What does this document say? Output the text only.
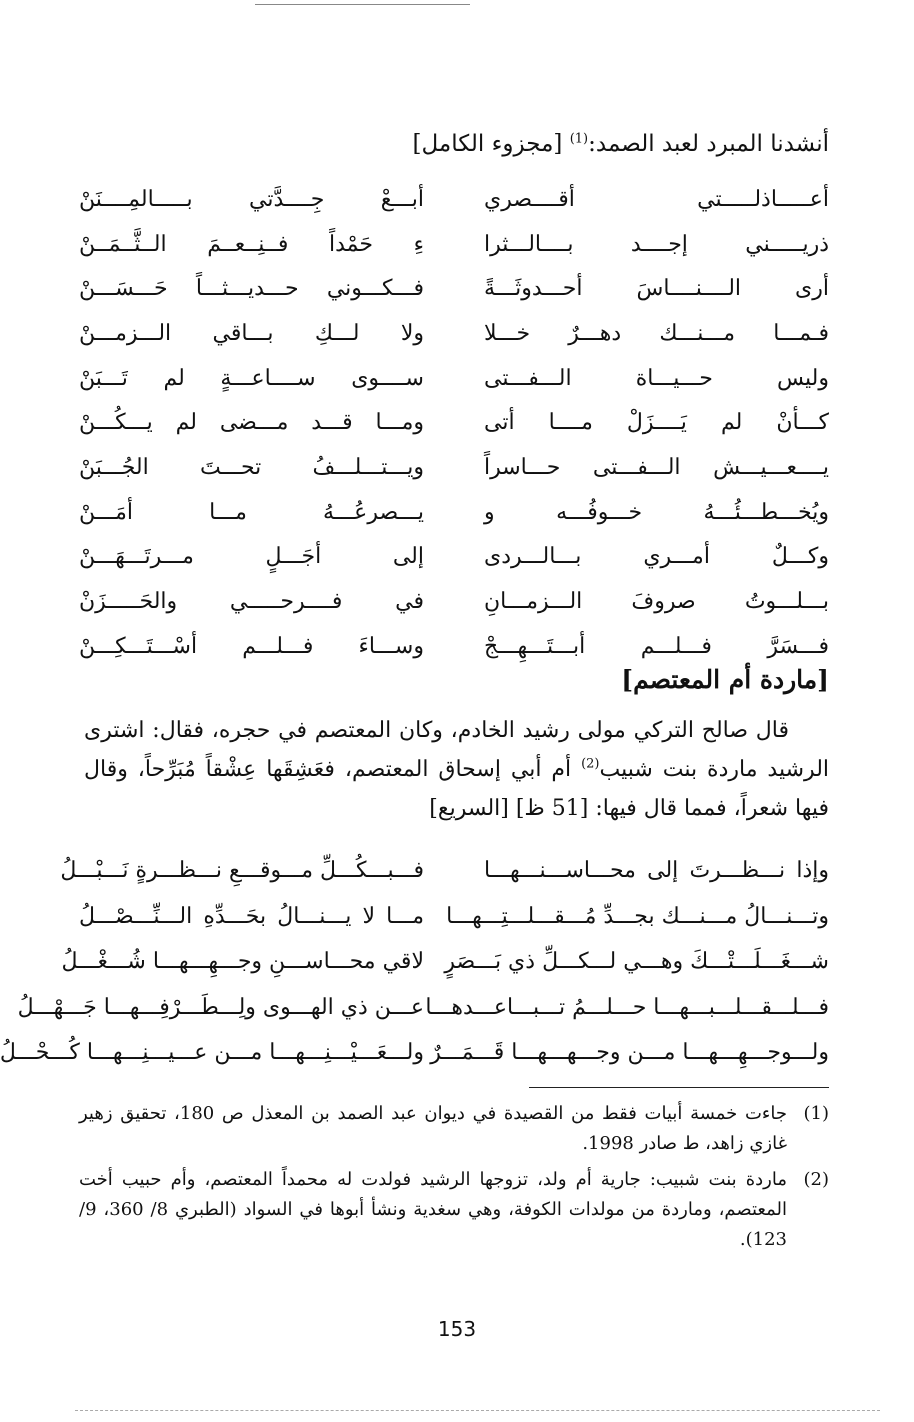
أنشدنا المبرد لعبد الصمد:$^{(1)}$ [مجزوء الكامل]
أعـــــاذلـــــتي أقــــصري
أبـــعْ جِــــدَّتي بـــــالمِــــنَنْ
ذريـــــني إجــــد بــــالـــثرا
ءِ حَمْداً فــنِــعــمَ الــثَّــمَــنْ
أرى الــــنــــاسَ أحـــدوثَـــةً
فـــكـــوني حـــديـــثـــاً حَـــسَـــنْ
فـمـــا مـــنـــك دهـــرٌ خـــلا
ولا لـــكِ بـــاقي الـــزمـــنْ
وليس حـــيـــاة الـــفـــتى
ســــوى ســــاعـــةٍ لم تَـــبَنْ
كـــأنْ لم يَــــزَلْ مــــا أتى
ومـــا قـــد مـــضى لم يـــكُـــنْ
يــــعـــيـــش الـــفـــتى حـــاسراً
ويـــتـــلـــفُ تحـــتَ الجُـــبَنْ
ويُخـــطـــئُـــهُ خـــوفُـــه و
يـــصرعُـــهُ مـــا أمَـــنْ
وكـــلٌ أمـــري بـــالـــردى
إلى أجَـــلٍ مـــرتَـــهَـــنْ
بـــلـــوتُ صروفَ الـــزمـــانِ
في فــــرحـــــي والحَـــــزَنْ
فـــسَرَّ فـــلـــم أبـــتَـــهِـــجْ
وســـاءَ فـــلـــم أسْـــتَـــكِـــنْ
[ماردة أم المعتصم]

قال صالح التركي مولى رشيد الخادم، وكان المعتصم في حجره، فقال: اشترى الرشيد ماردة بنت شبيب$^{(2)}$ أم أبي إسحاق المعتصم، فعَشِقَها عِشْقاً مُبَرِّحاً، وقال فيها شعراً، فمما قال فيها: [51 ظ] [السريع]

وإذا نـــظـــرتَ إلى محـــاســـنـــهـــا
فـــبـــكُـــلِّ مـــوقـــعِ نـــظـــرةٍ نَـــبْـــلُ
وتـــنـــالُ مـــنـــك بجـــدِّ مُـــقـــلـــتِـــهـــا
مـــا لا يـــنـــالُ بحَـــدِّهِ الـــنِّـــصْـــلُ
شـــغَـــلَـــتْـــكَ وهـــي لـــكـــلِّ ذي بَـــصَرٍ
لاقي محـــاســـنِ وجـــهِـــهـــا شُـــغْـــلُ
فـــلـــقـــلـــبـــهـــا حـــلـــمُ تـــبـــاعـــدهـــا
عـــن ذي الهـــوى ولِـــطَـــرْفِـــهـــا جَـــهْـــلُ
ولـــوجـــهِـــهـــا مـــن وجـــهـــهـــا قَـــمَـــرٌ
ولـــعَـــيْـــنِـــهـــا مـــن عـــيـــنِـــهـــا كُـــحْـــلُ
(1)
جاءت خمسة أبيات فقط من القصيدة في ديوان عبد الصمد بن المعذل ص 180، تحقيق زهير غازي زاهد، ط صادر 1998.
(2)
ماردة بنت شبيب: جارية أم ولد، تزوجها الرشيد فولدت له محمداً المعتصم، وأم حبيب أخت المعتصم، وماردة من مولدات الكوفة، وهي سغدية ونشأ أبوها في السواد (الطبري 8/ 360، 9/ 123).
153
